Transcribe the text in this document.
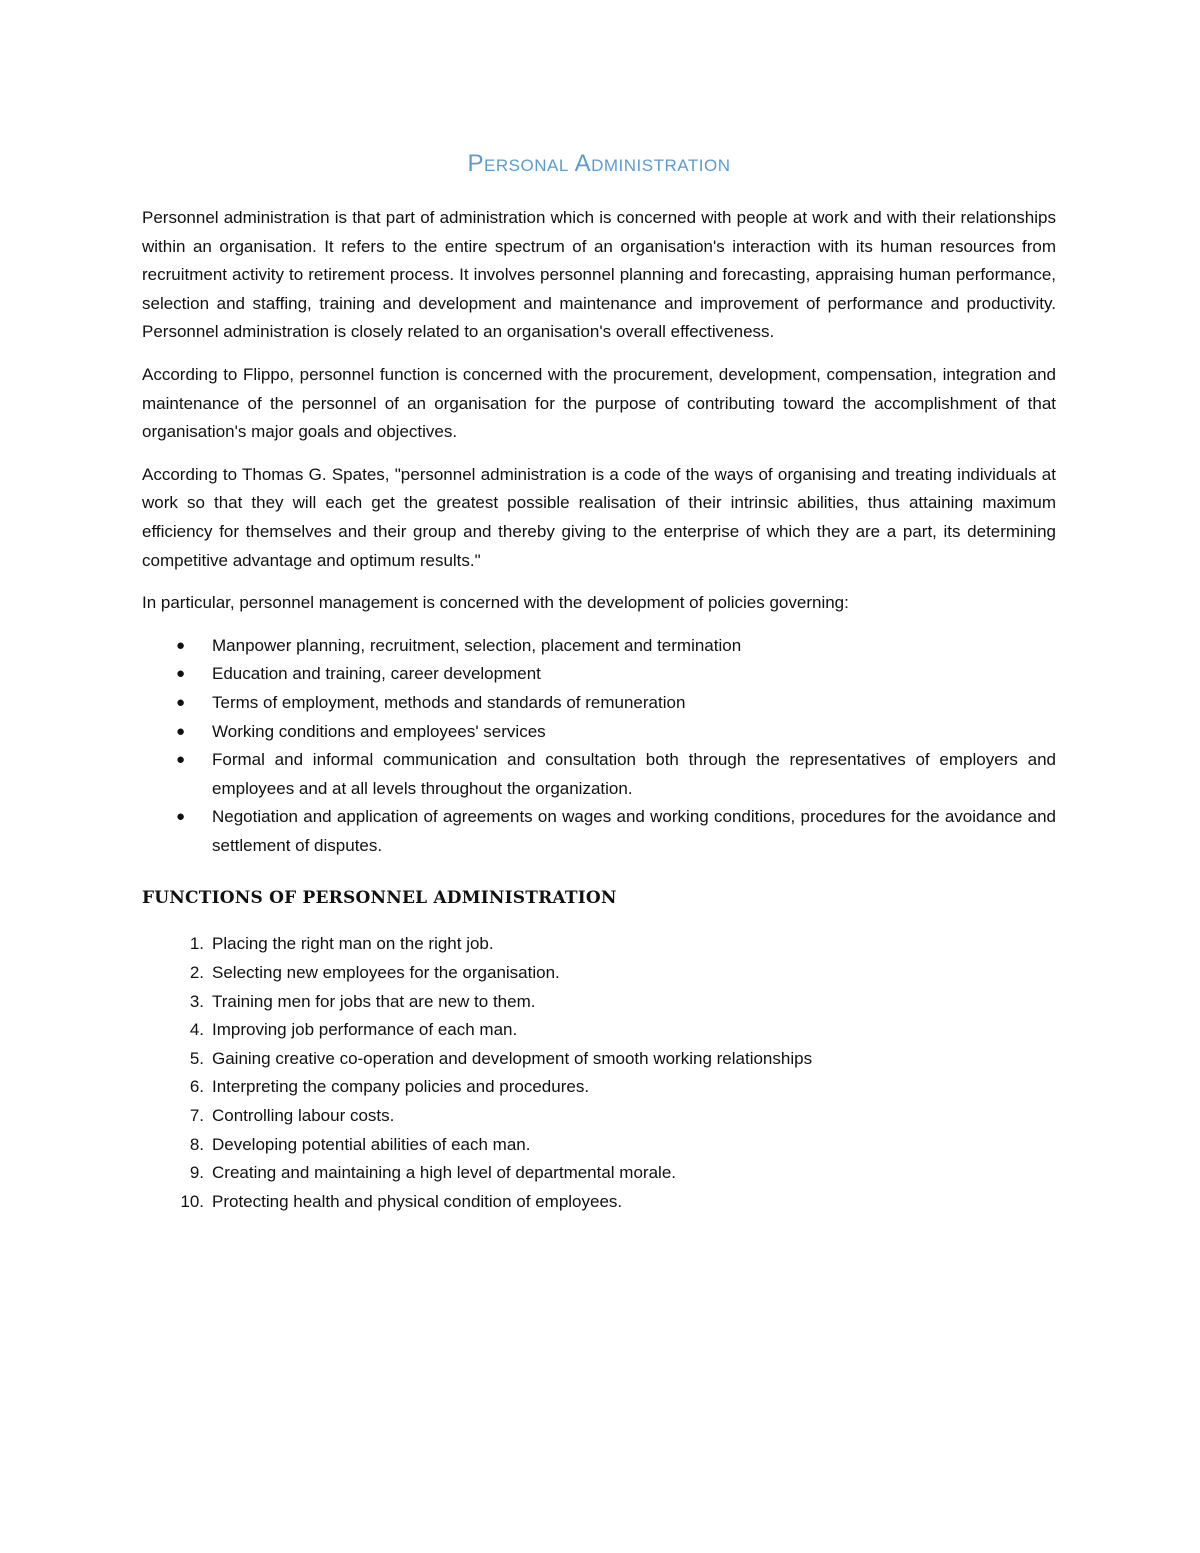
Personal Administration

Personnel administration is that part of administration which is concerned with people at work and with their relationships within an organisation. It refers to the entire spectrum of an organisation's interaction with its human resources from recruitment activity to retirement process. It involves personnel planning and forecasting, appraising human performance, selection and staffing, training and development and maintenance and improvement of performance and productivity. Personnel administration is closely related to an organisation's overall effectiveness.

According to Flippo, personnel function is concerned with the procurement, development, compensation, integration and maintenance of the personnel of an organisation for the purpose of contributing toward the accomplishment of that organisation's major goals and objectives.

According to Thomas G. Spates, "personnel administration is a code of the ways of organising and treating individuals at work so that they will each get the greatest possible realisation of their intrinsic abilities, thus attaining maximum efficiency for themselves and their group and thereby giving to the enterprise of which they are a part, its determining competitive advantage and optimum results."

In particular, personnel management is concerned with the development of policies governing:

● Manpower planning, recruitment, selection, placement and termination
● Education and training, career development
● Terms of employment, methods and standards of remuneration
● Working conditions and employees' services
● Formal and informal communication and consultation both through the representatives of employers and employees and at all levels throughout the organization.
● Negotiation and application of agreements on wages and working conditions, procedures for the avoidance and settlement of disputes.
FUNCTIONS OF PERSONNEL ADMINISTRATION
1. Placing the right man on the right job.
2. Selecting new employees for the organisation.
3. Training men for jobs that are new to them.
4. Improving job performance of each man.
5. Gaining creative co-operation and development of smooth working relationships
6. Interpreting the company policies and procedures.
7. Controlling labour costs.
8. Developing potential abilities of each man.
9. Creating and maintaining a high level of departmental morale.
10. Protecting health and physical condition of employees.
